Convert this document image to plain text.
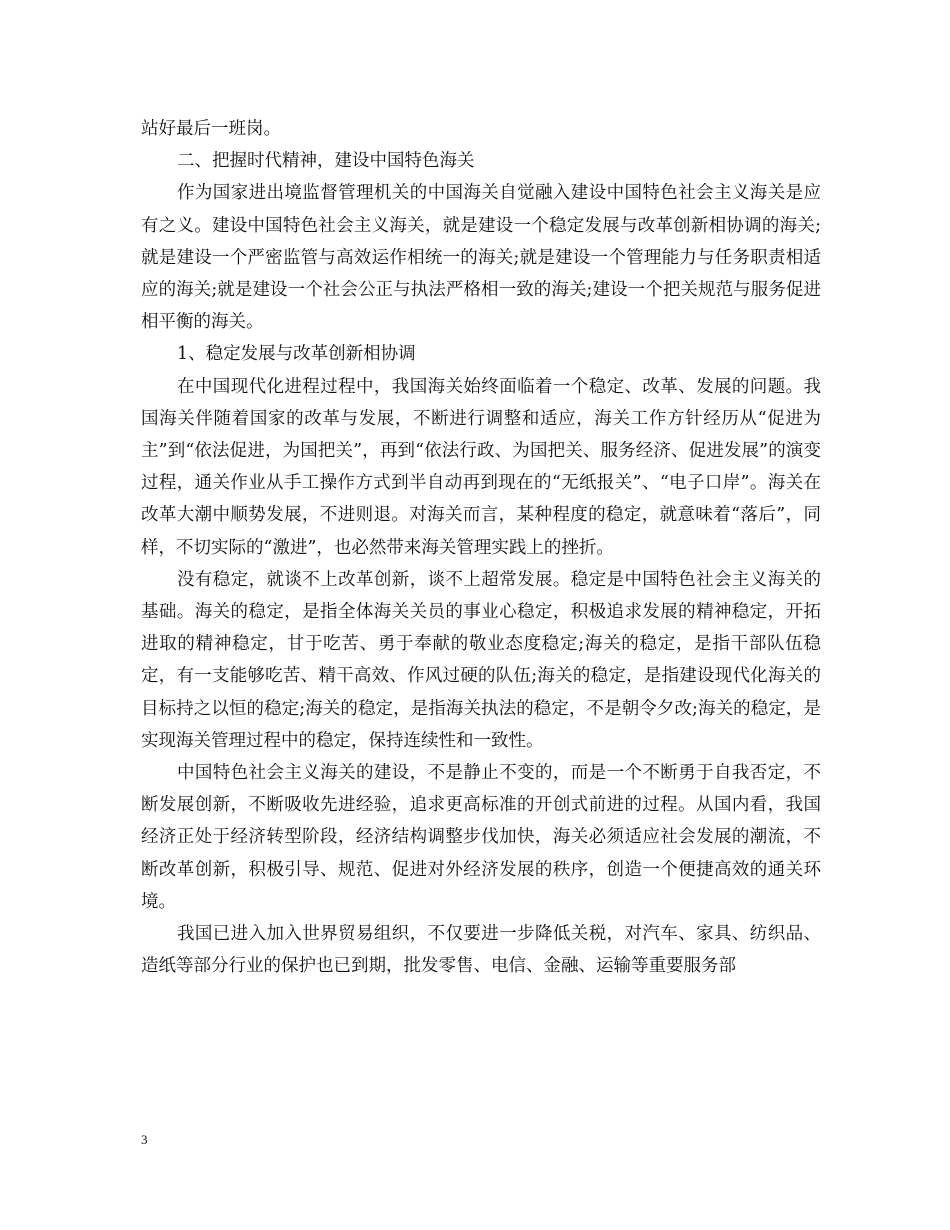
站好最后一班岗。

二、把握时代精神，建设中国特色海关

作为国家进出境监督管理机关的中国海关自觉融入建设中国特色社会主义海关是应有之义。建设中国特色社会主义海关，就是建设一个稳定发展与改革创新相协调的海关;就是建设一个严密监管与高效运作相统一的海关;就是建设一个管理能力与任务职责相适应的海关;就是建设一个社会公正与执法严格相一致的海关;建设一个把关规范与服务促进相平衡的海关。

1、稳定发展与改革创新相协调

在中国现代化进程过程中，我国海关始终面临着一个稳定、改革、发展的问题。我国海关伴随着国家的改革与发展，不断进行调整和适应，海关工作方针经历从“促进为主”到“依法促进，为国把关”，再到“依法行政、为国把关、服务经济、促进发展”的演变过程，通关作业从手工操作方式到半自动再到现在的“无纸报关”、“电子口岸”。海关在改革大潮中顺势发展，不进则退。对海关而言，某种程度的稳定，就意味着“落后”，同样，不切实际的“激进”，也必然带来海关管理实践上的挫折。

没有稳定，就谈不上改革创新，谈不上超常发展。稳定是中国特色社会主义海关的基础。海关的稳定，是指全体海关关员的事业心稳定，积极追求发展的精神稳定，开拓进取的精神稳定，甘于吃苦、勇于奉献的敬业态度稳定;海关的稳定，是指干部队伍稳定，有一支能够吃苦、精干高效、作风过硬的队伍;海关的稳定，是指建设现代化海关的目标持之以恒的稳定;海关的稳定，是指海关执法的稳定，不是朝令夕改;海关的稳定，是实现海关管理过程中的稳定，保持连续性和一致性。

中国特色社会主义海关的建设，不是静止不变的，而是一个不断勇于自我否定，不断发展创新，不断吸收先进经验，追求更高标准的开创式前进的过程。从国内看，我国经济正处于经济转型阶段，经济结构调整步伐加快，海关必须适应社会发展的潮流，不断改革创新，积极引导、规范、促进对外经济发展的秩序，创造一个便捷高效的通关环境。

我国已进入加入世界贸易组织，不仅要进一步降低关税，对汽车、家具、纺织品、造纸等部分行业的保护也已到期，批发零售、电信、金融、运输等重要服务部

3
